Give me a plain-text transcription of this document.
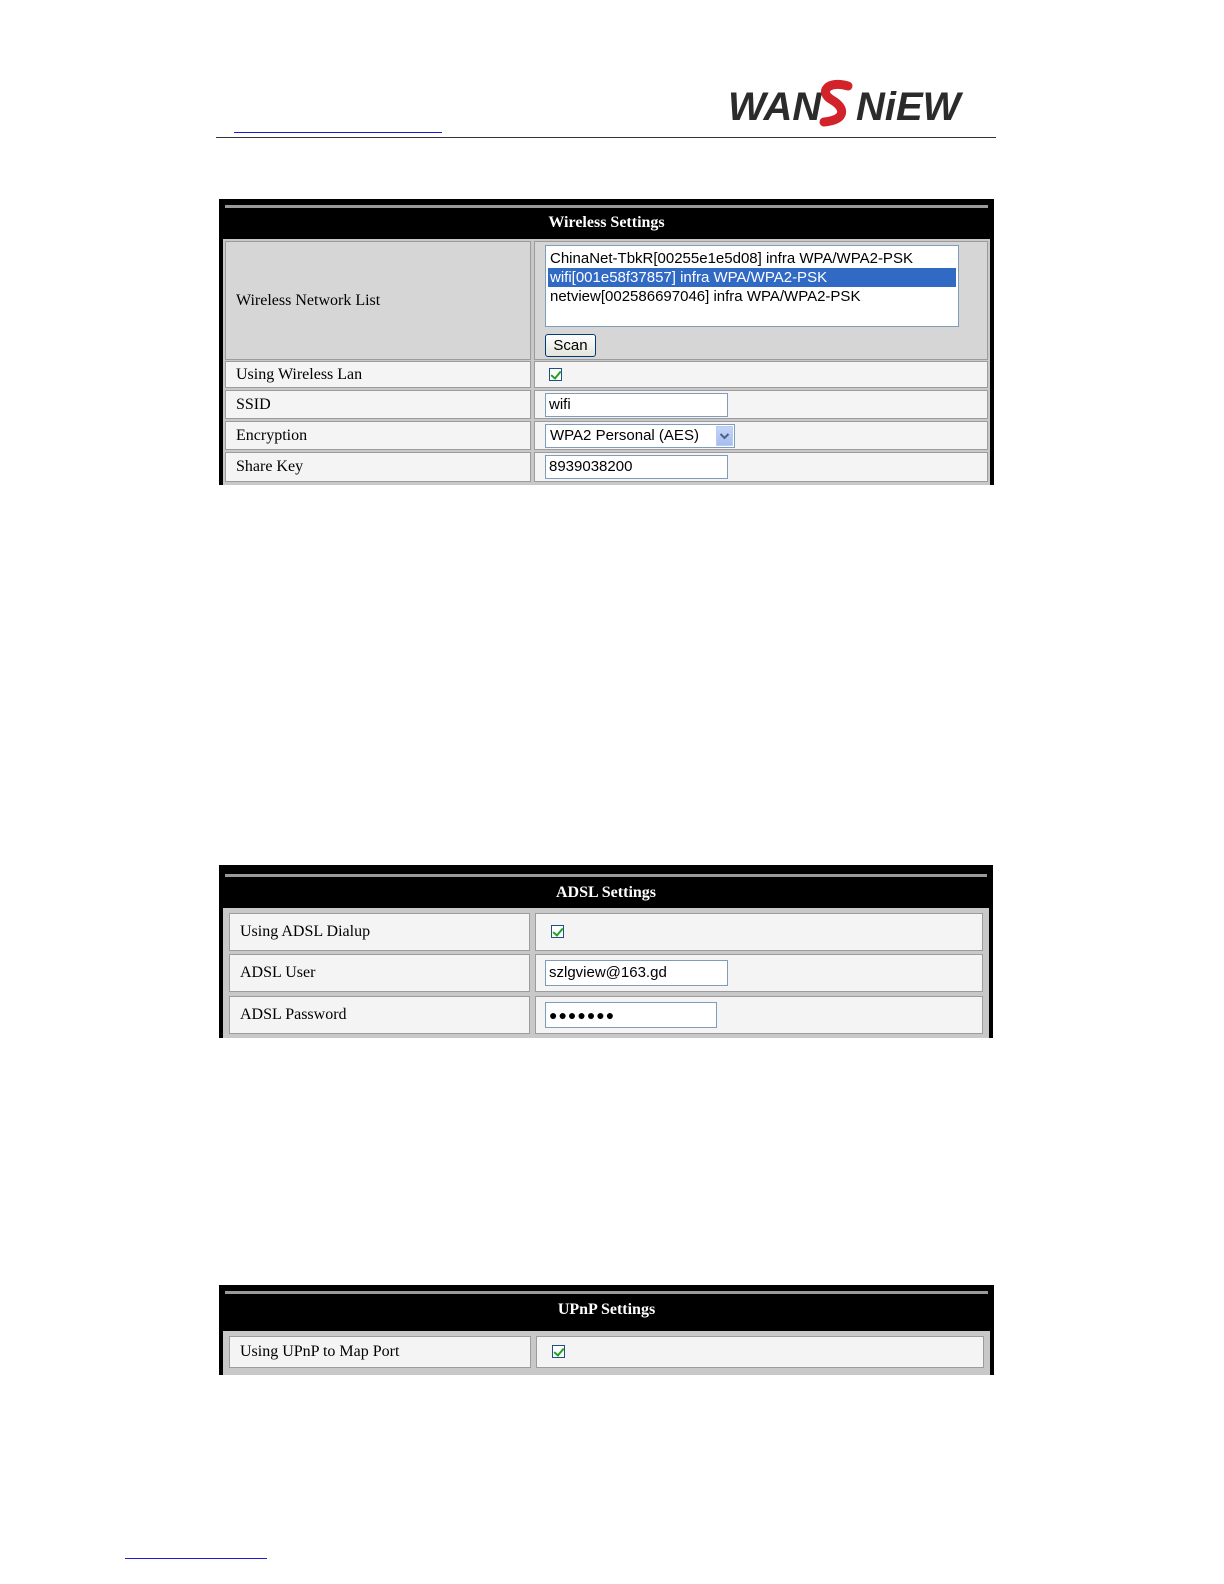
WAN NiEW
Wireless Settings
Wireless Network List
ChinaNet-TbkR[00255e1e5d08] infra WPA/WPA2-PSK
wifi[001e58f37857] infra WPA/WPA2-PSK
netview[002586697046] infra WPA/WPA2-PSK
Scan
Using Wireless Lan
SSID	wifi
Encryption	WPA2 Personal (AES)
Share Key	8939038200
ADSL Settings
Using ADSL Dialup
ADSL User	szlgview@163.gd
ADSL Password	●●●●●●●
UPnP Settings
Using UPnP to Map Port
